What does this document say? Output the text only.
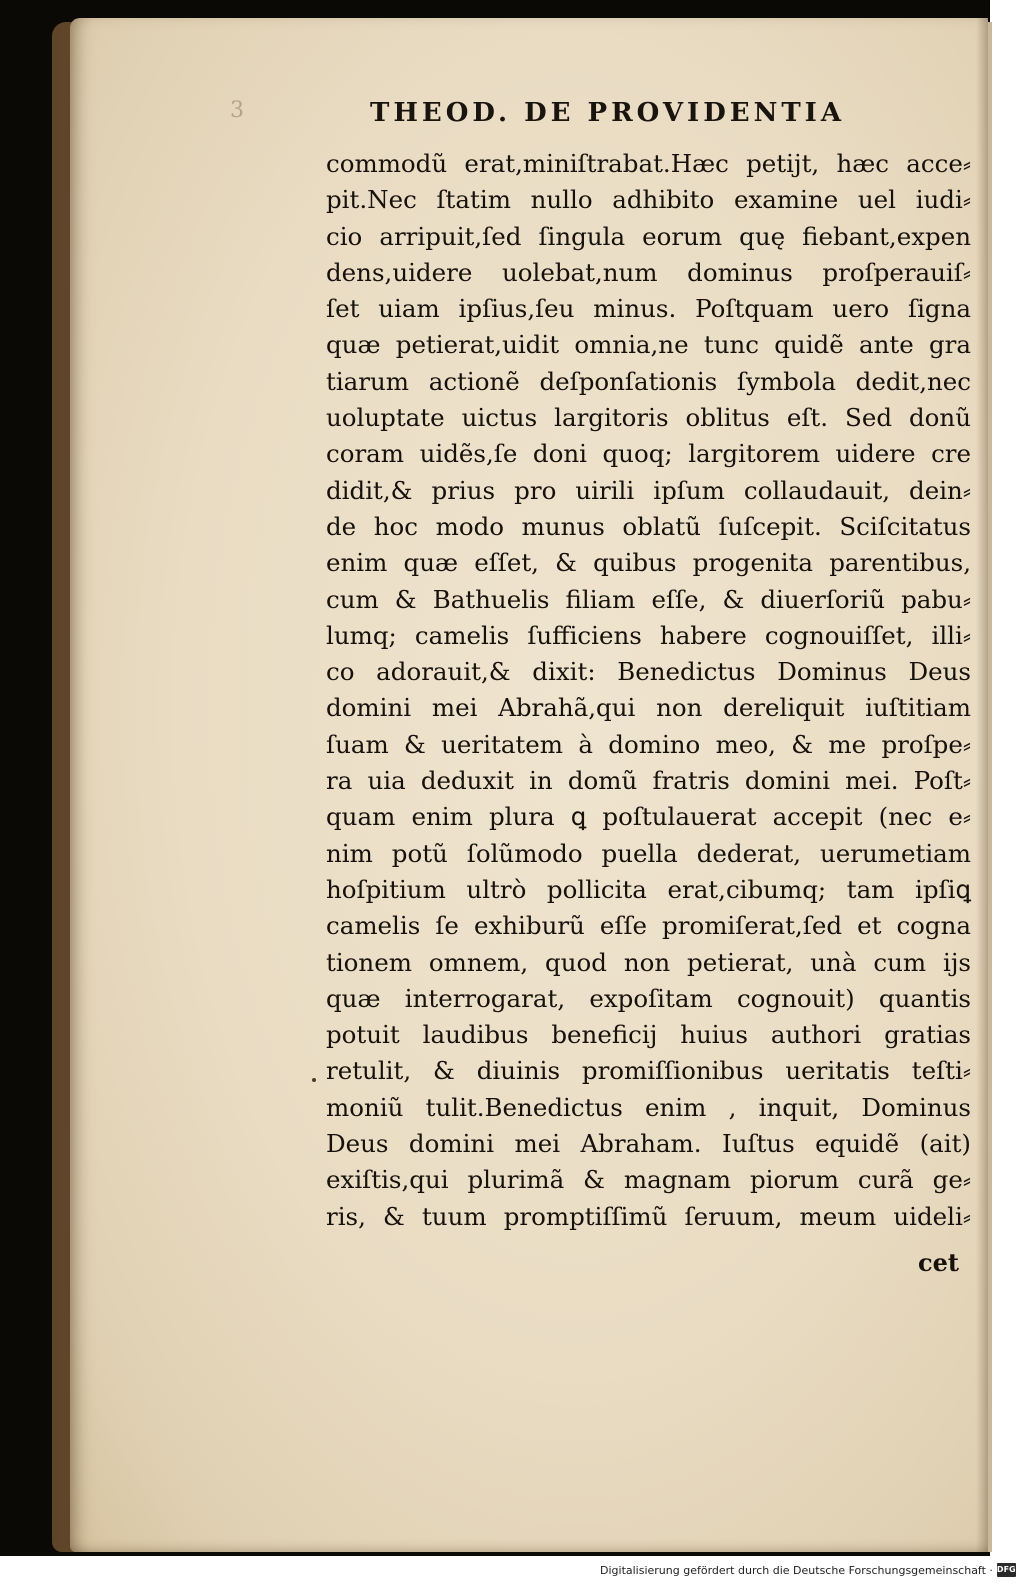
3	THEOD. DE PROVIDENTIA
commodũ erat,miniſtrabat.Hæc petijt, hæc acce⸗
pit.Nec ſtatim nullo adhibito examine uel iudi⸗
cio arripuit,ſed ſingula eorum quę fiebant,expen
dens,uidere uolebat,num dominus proſperauiſ⸗
ſet uiam ipſius,ſeu minus. Poſtquam uero ſigna
quæ petierat,uidit omnia,ne tunc quidẽ ante gra
tiarum actionẽ deſponſationis ſymbola dedit,nec
uoluptate uictus largitoris oblitus eſt. Sed donũ
coram uidẽs,ſe doni quoq; largitorem uidere cre
didit,& prius pro uirili ipſum collaudauit, dein⸗
de hoc modo munus oblatũ ſuſcepit. Sciſcitatus
enim quæ eſſet, & quibus progenita parentibus,
cum & Bathuelis filiam eſſe, & diuerſoriũ pabu⸗
lumq; camelis ſufficiens habere cognouiſſet, illi⸗
co adorauit,& dixit: Benedictus Dominus Deus
domini mei Abrahã,qui non dereliquit iuſtitiam
ſuam & ueritatem à domino meo, & me proſpe⸗
ra uia deduxit in domũ fratris domini mei. Poſt⸗
quam enim plura ꝗ poſtulauerat accepit (nec e⸗
nim potũ ſolũmodo puella dederat, uerumetiam
hoſpitium ultrò pollicita erat,cibumq; tam ipſiꝗ
camelis ſe exhiburũ eſſe promiſerat,ſed et cogna
tionem omnem, quod non petierat, unà cum ijs
quæ interrogarat, expoſitam cognouit) quantis
potuit laudibus beneficij huius authori gratias
retulit, & diuinis promiſſionibus ueritatis teſti⸗
moniũ tulit.Benedictus enim , inquit, Dominus
Deus domini mei Abraham. Iuſtus equidẽ (ait)
exiſtis,qui plurimã & magnam piorum curã ge⸗
ris, & tuum promptiſſimũ ſeruum, meum uideli⸗
cet
Digitalisierung gefördert durch die Deutsche Forschungsgemeinschaft · DFG
